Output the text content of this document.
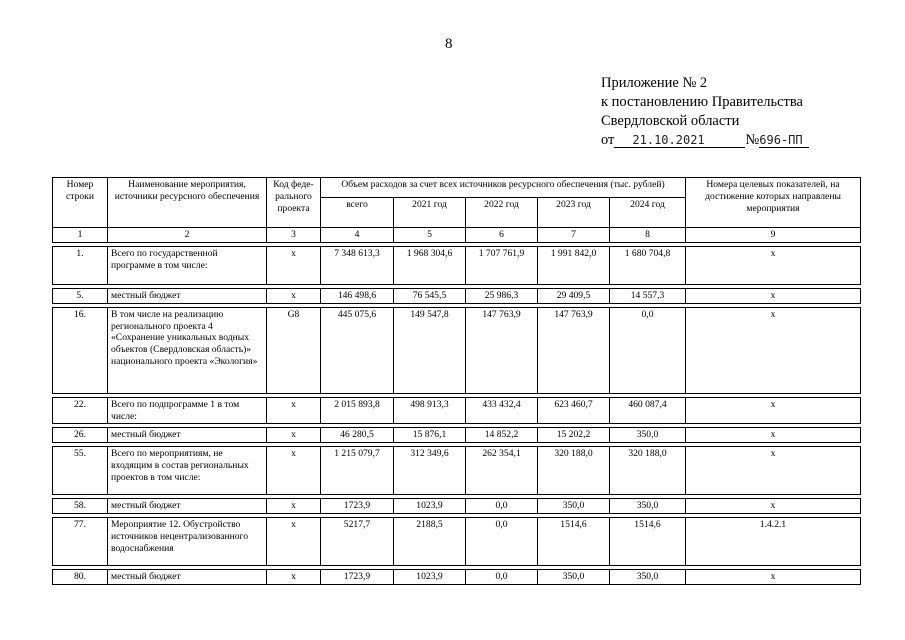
8
Приложение № 2
к постановлению Правительства
Свердловской области
от 21.10.2021	№696-ПП
Номер строки	Наименование мероприятия, источники ресурсного обеспечения	Код феде-рального проекта	Объем расходов за счет всех источников ресурсного обеспечения (тыс. рублей)					Номера целевых показателей, на достижение которых направлены мероприятия
			всего	2021 год	2022 год	2023 год	2024 год	
1	2	3	4	5	6	7	8	9

1.	Всего по государственной программе в том числе:	х	7 348 613,3	1 968 304,6	1 707 761,9	1 991 842,0	1 680 704,8	х

5.	местный бюджет	х	146 498,6	76 545,5	25 986,3	29 409,5	14 557,3	х

16.	В том числе на реализацию регионального проекта 4 «Сохранение уникальных водных объектов (Свердловская область)» национального проекта «Экология»	G8	445 075,6	149 547,8	147 763,9	147 763,9	0,0	х

22.	Всего по подпрограмме 1 в том числе:	х	2 015 893,8	498 913,3	433 432,4	623 460,7	460 087,4	х

26.	местный бюджет	х	46 280,5	15 876,1	14 852,2	15 202,2	350,0	х

55.	Всего по мероприятиям, не входящим в состав региональных проектов в том числе:	х	1 215 079,7	312 349,6	262 354,1	320 188,0	320 188,0	х

58.	местный бюджет	х	1723,9	1023,9	0,0	350,0	350,0	х

77.	Мероприятие 12. Обустройство источников нецентрализованного водоснабжения	х	5217,7	2188,5	0,0	1514,6	1514,6	1.4.2.1

80.	местный бюджет	х	1723,9	1023,9	0,0	350,0	350,0	х
